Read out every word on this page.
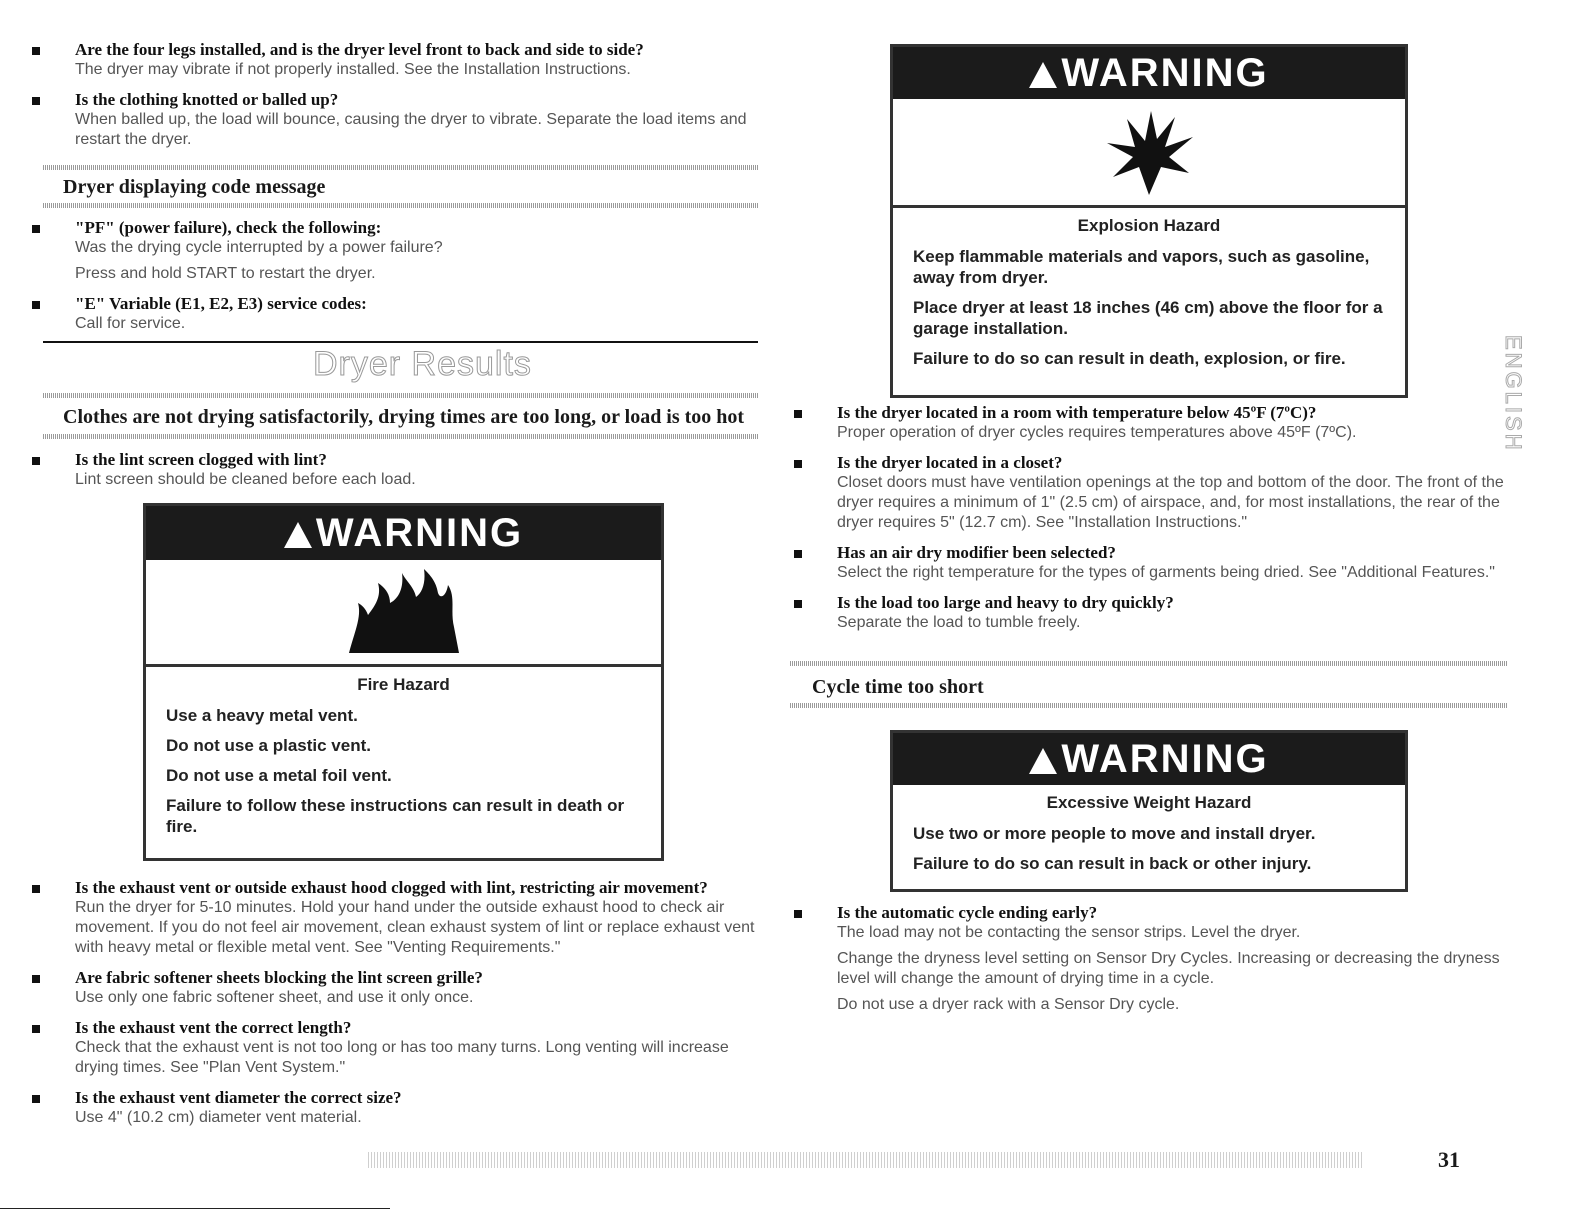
Are the four legs installed, and is the dryer level front to back and side to side?

The dryer may vibrate if not properly installed. See the Installation Instructions.

Is the clothing knotted or balled up?

When balled up, the load will bounce, causing the dryer to vibrate. Separate the load items and restart the dryer.

Dryer displaying code message
"PF" (power failure), check the following:

Was the drying cycle interrupted by a power failure?

Press and hold START to restart the dryer.

"E" Variable (E1, E2, E3) service codes:

Call for service.

Dryer Results
Clothes are not drying satisfactorily, drying times are too long, or load is too hot
Is the lint screen clogged with lint?

Lint screen should be cleaned before each load.

WARNING
Fire Hazard

Use a heavy metal vent.

Do not use a plastic vent.

Do not use a metal foil vent.

Failure to follow these instructions can result in death or fire.

Is the exhaust vent or outside exhaust hood clogged with lint, restricting air movement?

Run the dryer for 5-10 minutes. Hold your hand under the outside exhaust hood to check air movement. If you do not feel air movement, clean exhaust system of lint or replace exhaust vent with heavy metal or flexible metal vent. See "Venting Requirements."

Are fabric softener sheets blocking the lint screen grille?

Use only one fabric softener sheet, and use it only once.

Is the exhaust vent the correct length?

Check that the exhaust vent is not too long or has too many turns. Long venting will increase drying times. See "Plan Vent System."

Is the exhaust vent diameter the correct size?

Use 4" (10.2 cm) diameter vent material.

WARNING
Explosion Hazard

Keep flammable materials and vapors, such as gasoline, away from dryer.

Place dryer at least 18 inches (46 cm) above the floor for a garage installation.

Failure to do so can result in death, explosion, or fire.

Is the dryer located in a room with temperature below 45ºF (7ºC)?

Proper operation of dryer cycles requires temperatures above 45ºF (7ºC).

Is the dryer located in a closet?

Closet doors must have ventilation openings at the top and bottom of the door. The front of the dryer requires a minimum of 1" (2.5 cm) of airspace, and, for most installations, the rear of the dryer requires 5" (12.7 cm). See "Installation Instructions."

Has an air dry modifier been selected?

Select the right temperature for the types of garments being dried. See "Additional Features."

Is the load too large and heavy to dry quickly?

Separate the load to tumble freely.

Cycle time too short
WARNING
Excessive Weight Hazard

Use two or more people to move and install dryer.

Failure to do so can result in back or other injury.

Is the automatic cycle ending early?

The load may not be contacting the sensor strips. Level the dryer.

Change the dryness level setting on Sensor Dry Cycles. Increasing or decreasing the dryness level will change the amount of drying time in a cycle.

Do not use a dryer rack with a Sensor Dry cycle.

ENGLISH
31
